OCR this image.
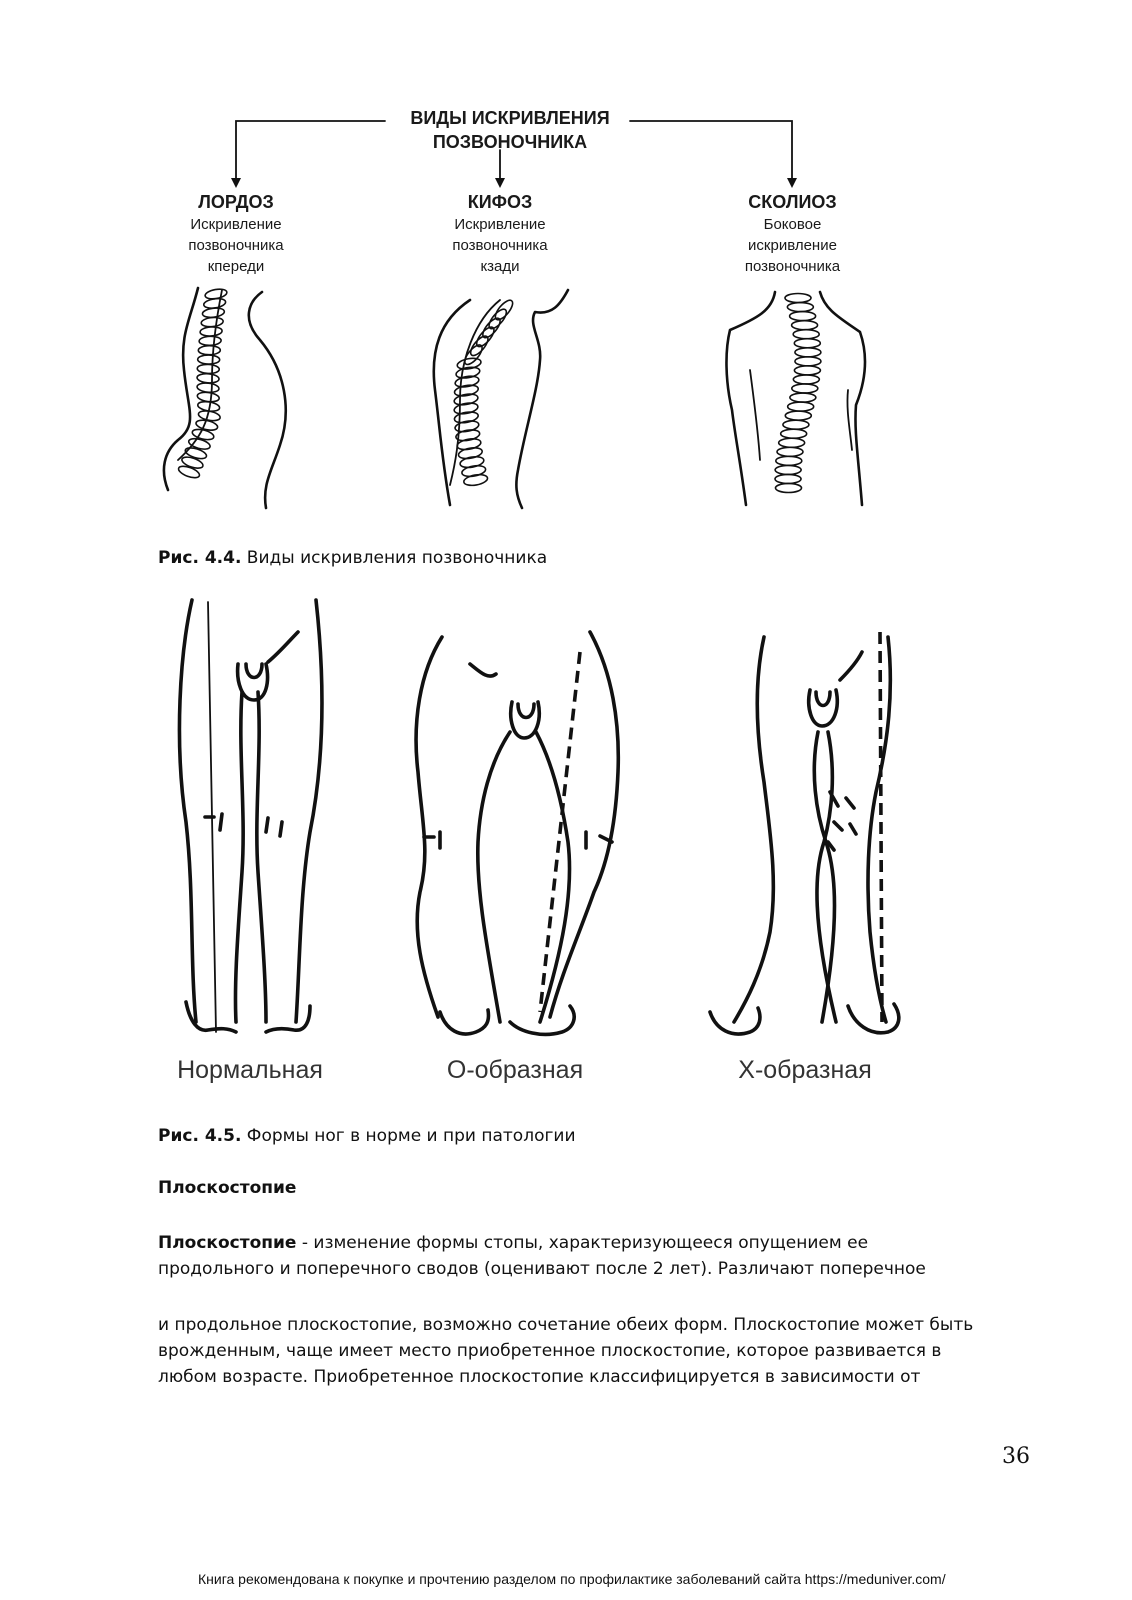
ВИДЫ ИСКРИВЛЕНИЯ
ПОЗВОНОЧНИКА
ЛОРДОЗ
Искривление
позвоночника
кпереди
КИФОЗ
Искривление
позвоночника
кзади
СКОЛИОЗ
Боковое
искривление
позвоночника
Рис. 4.4. Виды искривления позвоночника
Нормальная	О-образная	Х-образная
Рис. 4.5. Формы ног в норме и при патологии
Плоскостопие
Плоскостопие - изменение формы стопы, характеризующееся опущением ее
продольного и поперечного сводов (оценивают после 2 лет). Различают поперечное
и продольное плоскостопие, возможно сочетание обеих форм. Плоскостопие может быть
врожденным, чаще имеет место приобретенное плоскостопие, которое развивается в
любом возрасте. Приобретенное плоскостопие классифицируется в зависимости от
36
Книга рекомендована к покупке и прочтению разделом по профилактике заболеваний сайта https://meduniver.com/
